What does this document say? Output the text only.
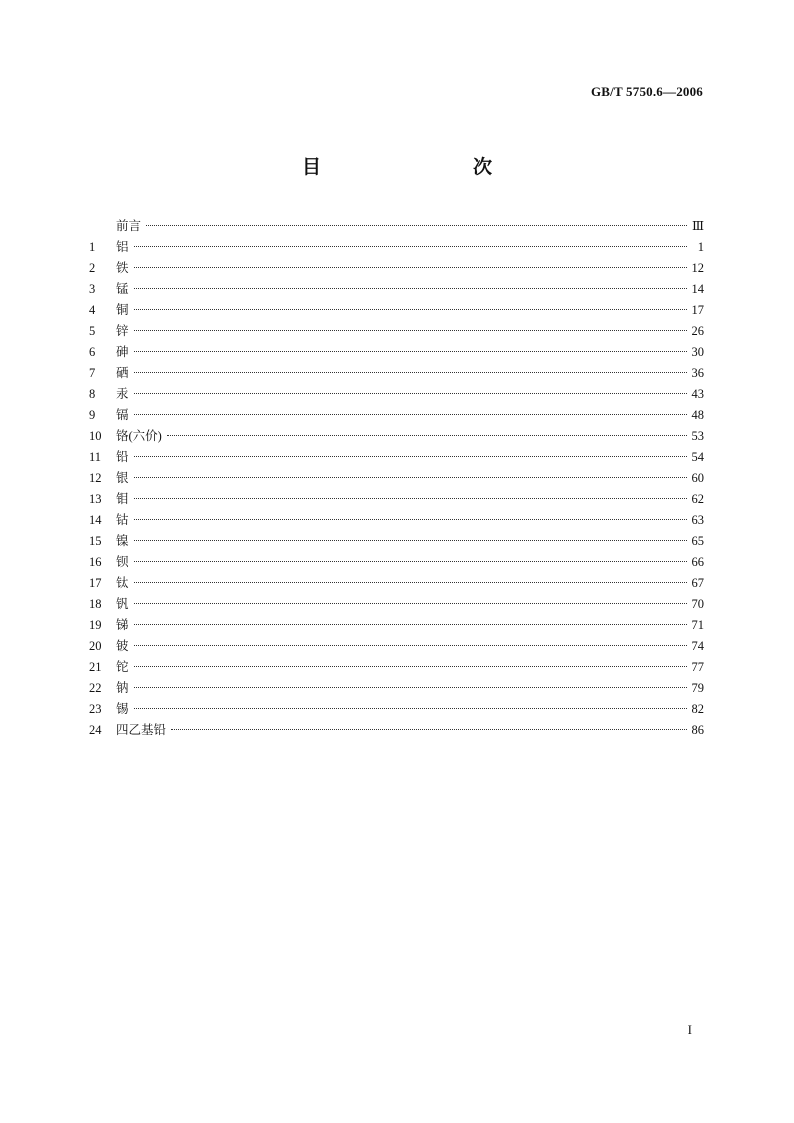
GB/T 5750.6—2006
目　　次
前言	Ⅲ
1	铝	1
2	铁	12
3	锰	14
4	铜	17
5	锌	26
6	砷	30
7	硒	36
8	汞	43
9	镉	48
10	铬(六价)	53
11	铅	54
12	银	60
13	钼	62
14	钴	63
15	镍	65
16	钡	66
17	钛	67
18	钒	70
19	锑	71
20	铍	74
21	铊	77
22	钠	79
23	锡	82
24	四乙基铅	86
I
